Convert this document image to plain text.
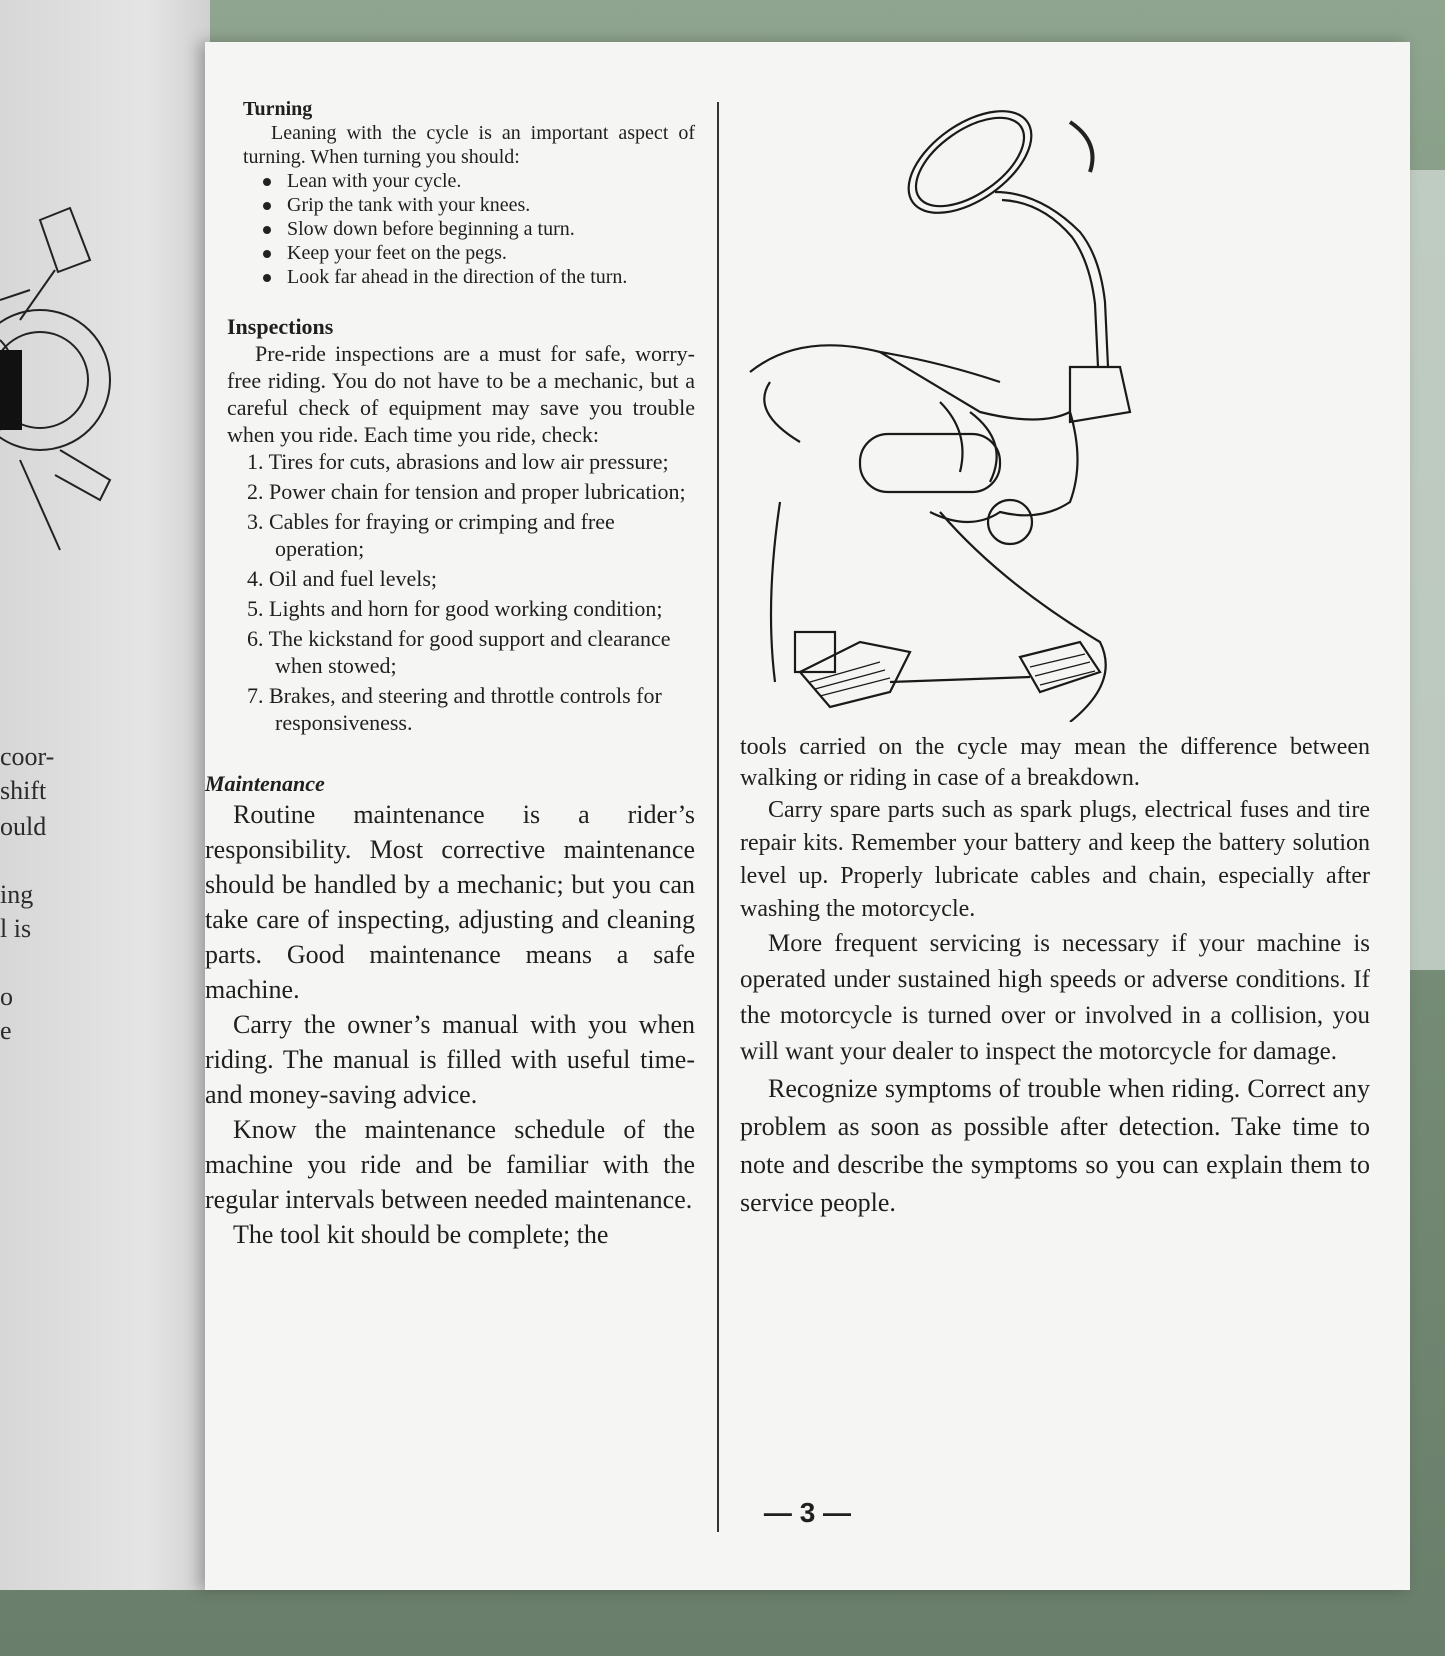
coor-
shift
ould
ing
l is
o
e
Turning

Leaning with the cycle is an important aspect of turning. When turning you should:

Lean with your cycle.
Grip the tank with your knees.
Slow down before beginning a turn.
Keep your feet on the pegs.
Look far ahead in the direction of the turn.
Inspections

Pre-ride inspections are a must for safe, worry-free riding. You do not have to be a mechanic, but a careful check of equipment may save you trouble when you ride. Each time you ride, check:

1. Tires for cuts, abrasions and low air pressure;
2. Power chain for tension and proper lubrication;
3. Cables for fraying or crimping and free operation;
4. Oil and fuel levels;
5. Lights and horn for good working condition;
6. The kickstand for good support and clearance when stowed;
7. Brakes, and steering and throttle controls for responsiveness.
Maintenance

Routine maintenance is a rider’s responsibility. Most corrective maintenance should be handled by a mechanic; but you can take care of inspecting, adjusting and cleaning parts. Good maintenance means a safe machine.

Carry the owner’s manual with you when riding. The manual is filled with useful time- and money-saving advice.

Know the maintenance schedule of the machine you ride and be familiar with the regular intervals between needed maintenance.

The tool kit should be complete; the

tools carried on the cycle may mean the difference between walking or riding in case of a breakdown.

Carry spare parts such as spark plugs, electrical fuses and tire repair kits. Remember your battery and keep the battery solution level up. Properly lubricate cables and chain, especially after washing the motorcycle.

More frequent servicing is necessary if your machine is operated under sustained high speeds or adverse conditions. If the motorcycle is turned over or involved in a collision, you will want your dealer to inspect the motorcycle for damage.

Recognize symptoms of trouble when riding. Correct any problem as soon as possible after detection. Take time to note and describe the symptoms so you can explain them to service people.

— 3 —
